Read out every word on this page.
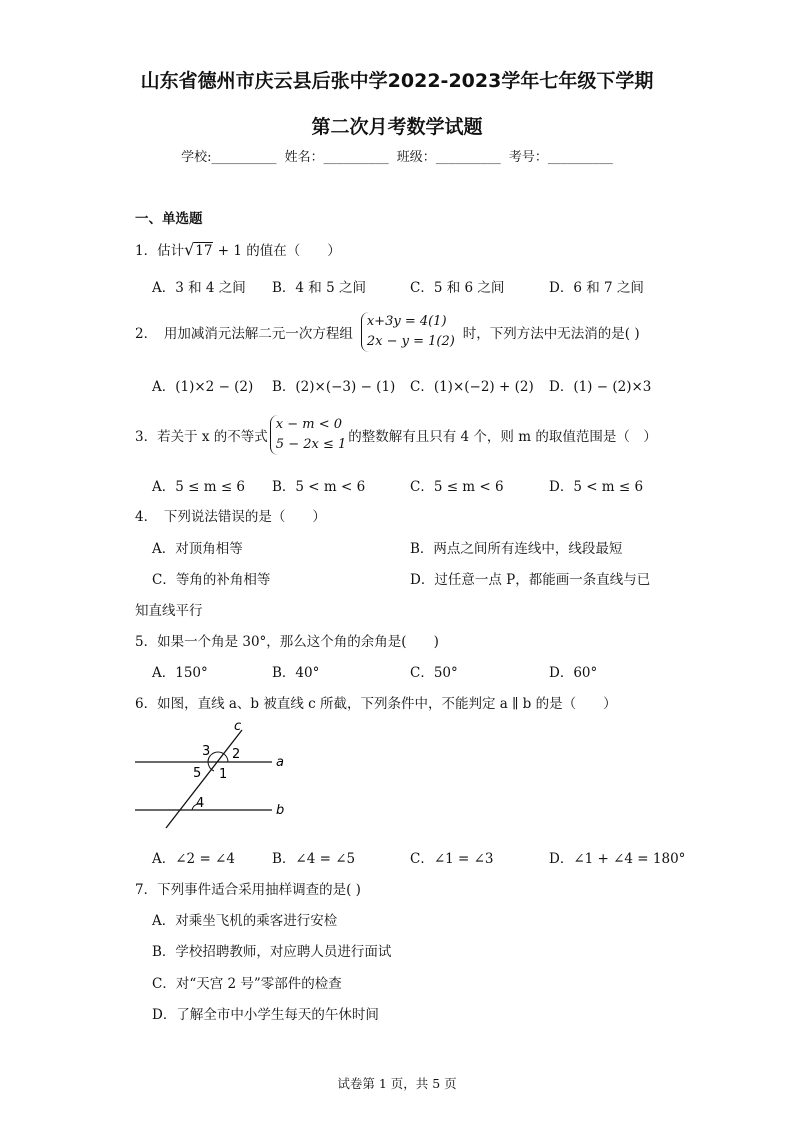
山东省德州市庆云县后张中学2022-2023学年七年级下学期
第二次月考数学试题
学校:__________ 姓名：__________ 班级：__________ 考号：__________
一、单选题
1．估计√17 + 1 的值在（　　）
A．3 和 4 之间 B．4 和 5 之间	C．5 和 6 之间	D．6 和 7 之间
2．　用加减消元法解二元一次方程组
x+3y = 4(1)
2x − y = 1(2) 时，下列方法中无法消的是( )
A．(1)×2 − (2) B．(2)×(−3) − (1) C．(1)×(−2) + (2) D．(1) − (2)×3
3．若关于 x 的不等式
x − m < 0
5 − 2x ≤ 1 的整数解有且只有 4 个，则 m 的取值范围是（　）
A．5 ≤ m ≤ 6 B．5 < m < 6	C．5 ≤ m < 6	D．5 < m ≤ 6
4．　下列说法错误的是（　　）
A．对顶角相等	B．两点之间所有连线中，线段最短
C．等角的补角相等	D．过任意一点 P，都能画一条直线与已
知直线平行
5．如果一个角是 30°，那么这个角的余角是(　　)
A．150°	B．40°	C．50°	D．60°
6．如图，直线 a、b 被直线 c 所截，下列条件中，不能判定 a ∥ b 的是（　　）
c
a
b
3 2
5 1
4
A．∠2 = ∠4	B．∠4 = ∠5	C．∠1 = ∠3	D．∠1 + ∠4 = 180°
7．下列事件适合采用抽样调查的是( )
A．对乘坐飞机的乘客进行安检
B．学校招聘教师，对应聘人员进行面试
C．对“天宫 2 号”零部件的检查
D．了解全市中小学生每天的午休时间
试卷第 1 页，共 5 页
